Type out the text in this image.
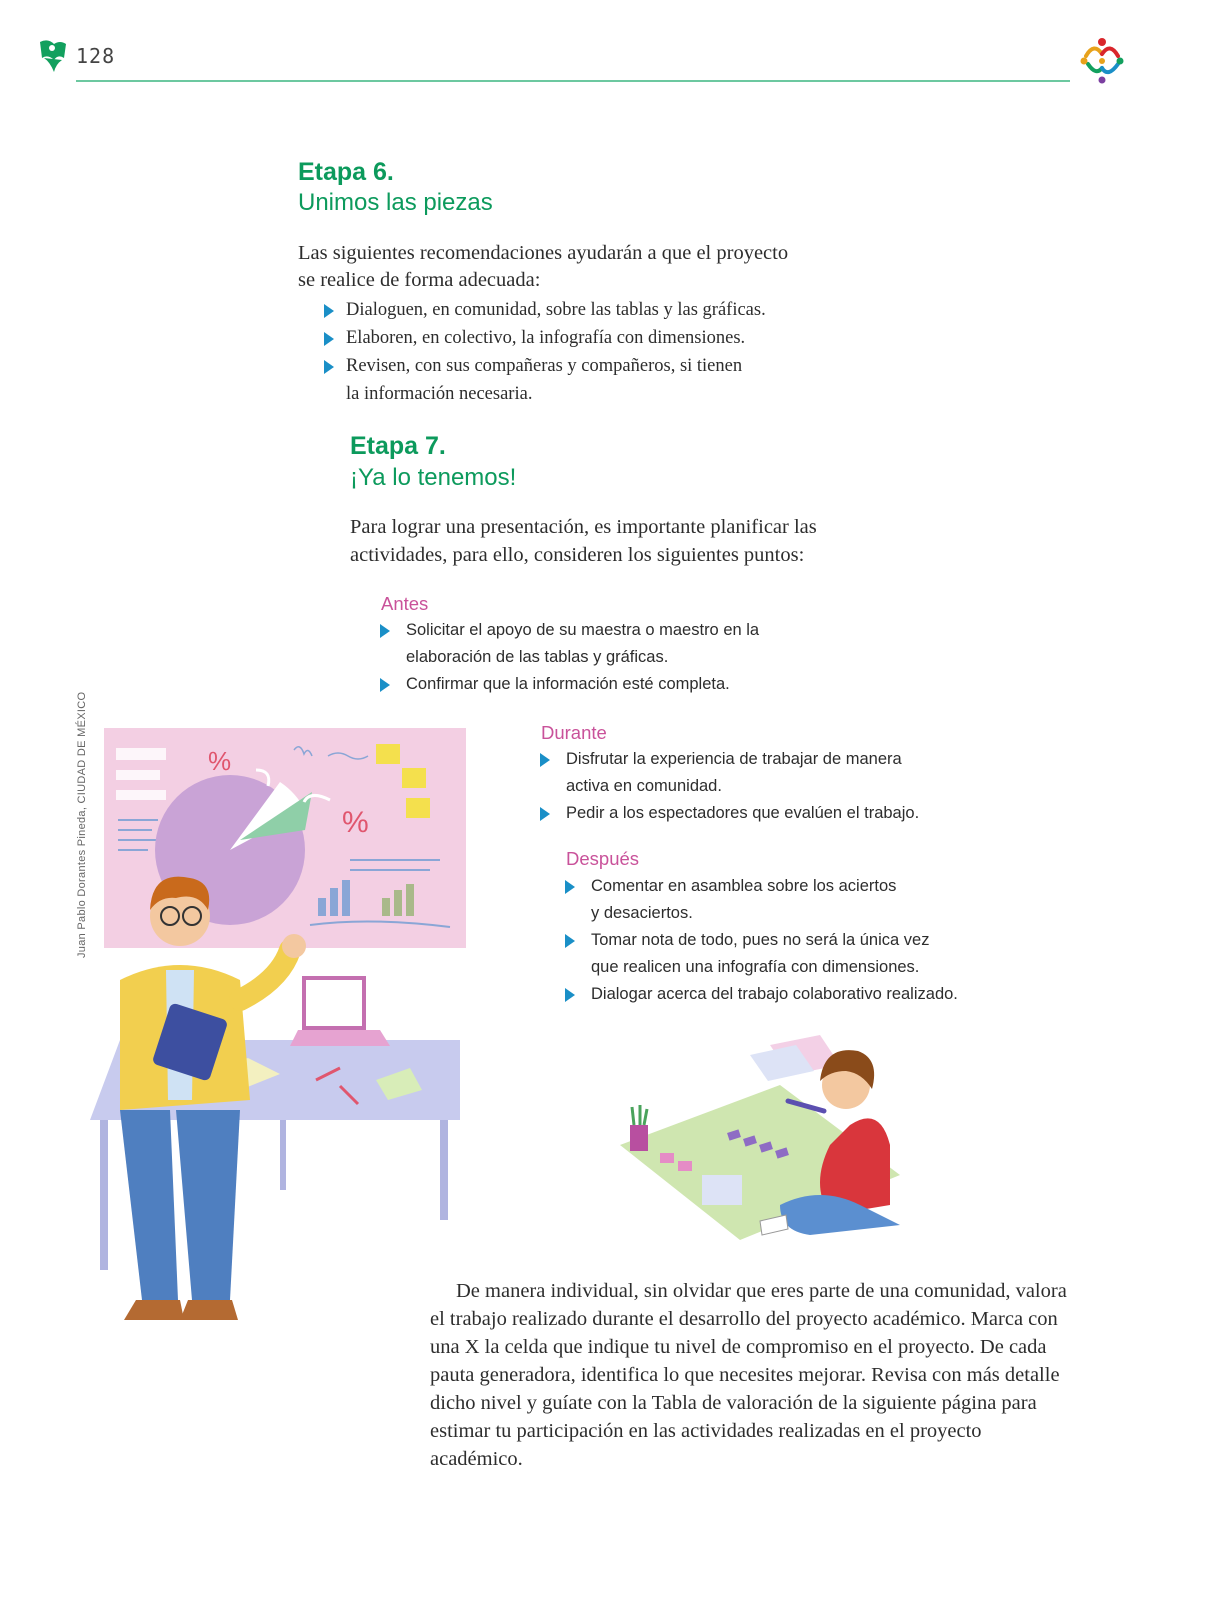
128
Etapa 6.
Unimos las piezas
Las siguientes recomendaciones ayudarán a que el proyecto
se realice de forma adecuada:
Dialoguen, en comunidad, sobre las tablas y las gráficas.
Elaboren, en colectivo, la infografía con dimensiones.
Revisen, con sus compañeras y compañeros, si tienen
la información necesaria.
Etapa 7.
¡Ya lo tenemos!
Para lograr una presentación, es importante planificar las
actividades, para ello, consideren los siguientes puntos:
Antes
Solicitar el apoyo de su maestra o maestro en la
elaboración de las tablas y gráficas.
Confirmar que la información esté completa.
Durante
Disfrutar la experiencia de trabajar de manera
activa en comunidad.
Pedir a los espectadores que evalúen el trabajo.
Después
Comentar en asamblea sobre los aciertos
y desaciertos.
Tomar nota de todo, pues no será la única vez
que realicen una infografía con dimensiones.
Dialogar acerca del trabajo colaborativo realizado.
Juan Pablo Dorantes Pineda, CIUDAD DE MÉXICO	%
%
De manera individual, sin olvidar que eres parte de una comunidad, valora el trabajo realizado durante el desarrollo del proyecto académico. Marca con una X la celda que indique tu nivel de compromiso en el proyecto. De cada pauta generadora, identifica lo que necesites mejorar. Revisa con más detalle dicho nivel y guíate con la Tabla de valoración de la siguiente página para estimar tu participación en las actividades realizadas en el proyecto académico.
